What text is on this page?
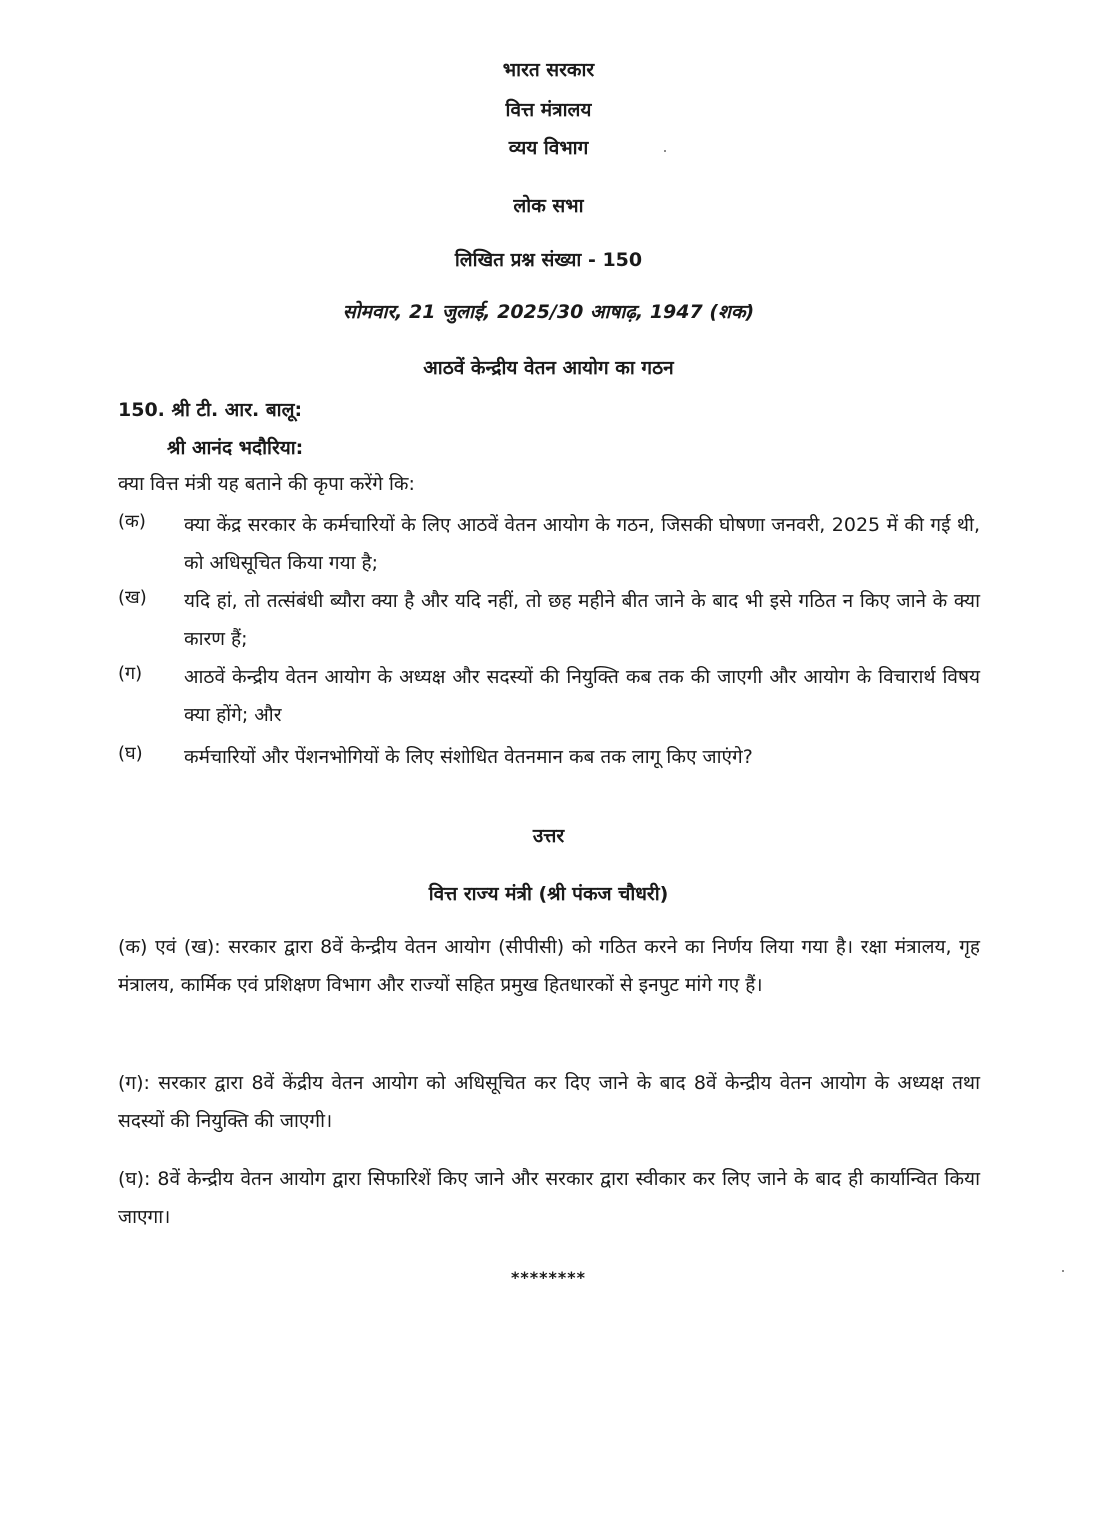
भारत सरकार
वित्त मंत्रालय
व्यय विभाग
लोक सभा
लिखित प्रश्न संख्या - 150
सोमवार, 21 जुलाई, 2025/30 आषाढ़, 1947 (शक)
आठवें केन्द्रीय वेतन आयोग का गठन
150. श्री टी. आर. बालू:
श्री आनंद भदौरिया:
क्या वित्त मंत्री यह बताने की कृपा करेंगे कि:
(क) क्या केंद्र सरकार के कर्मचारियों के लिए आठवें वेतन आयोग के गठन, जिसकी घोषणा जनवरी, 2025 में की गई थी, को अधिसूचित किया गया है;
(ख) यदि हां, तो तत्संबंधी ब्यौरा क्या है और यदि नहीं, तो छह महीने बीत जाने के बाद भी इसे गठित न किए जाने के क्या कारण हैं;
(ग) आठवें केन्द्रीय वेतन आयोग के अध्यक्ष और सदस्यों की नियुक्ति कब तक की जाएगी और आयोग के विचारार्थ विषय क्या होंगे; और
(घ) कर्मचारियों और पेंशनभोगियों के लिए संशोधित वेतनमान कब तक लागू किए जाएंगे?
उत्तर
वित्त राज्य मंत्री (श्री पंकज चौधरी)
(क) एवं (ख): सरकार द्वारा 8वें केन्द्रीय वेतन आयोग (सीपीसी) को गठित करने का निर्णय लिया गया है। रक्षा मंत्रालय, गृह मंत्रालय, कार्मिक एवं प्रशिक्षण विभाग और राज्यों सहित प्रमुख हितधारकों से इनपुट मांगे गए हैं।
(ग): सरकार द्वारा 8वें केंद्रीय वेतन आयोग को अधिसूचित कर दिए जाने के बाद 8वें केन्द्रीय वेतन आयोग के अध्यक्ष तथा सदस्यों की नियुक्ति की जाएगी।
(घ): 8वें केन्द्रीय वेतन आयोग द्वारा सिफारिशें किए जाने और सरकार द्वारा स्वीकार कर लिए जाने के बाद ही कार्यान्वित किया जाएगा।
********
